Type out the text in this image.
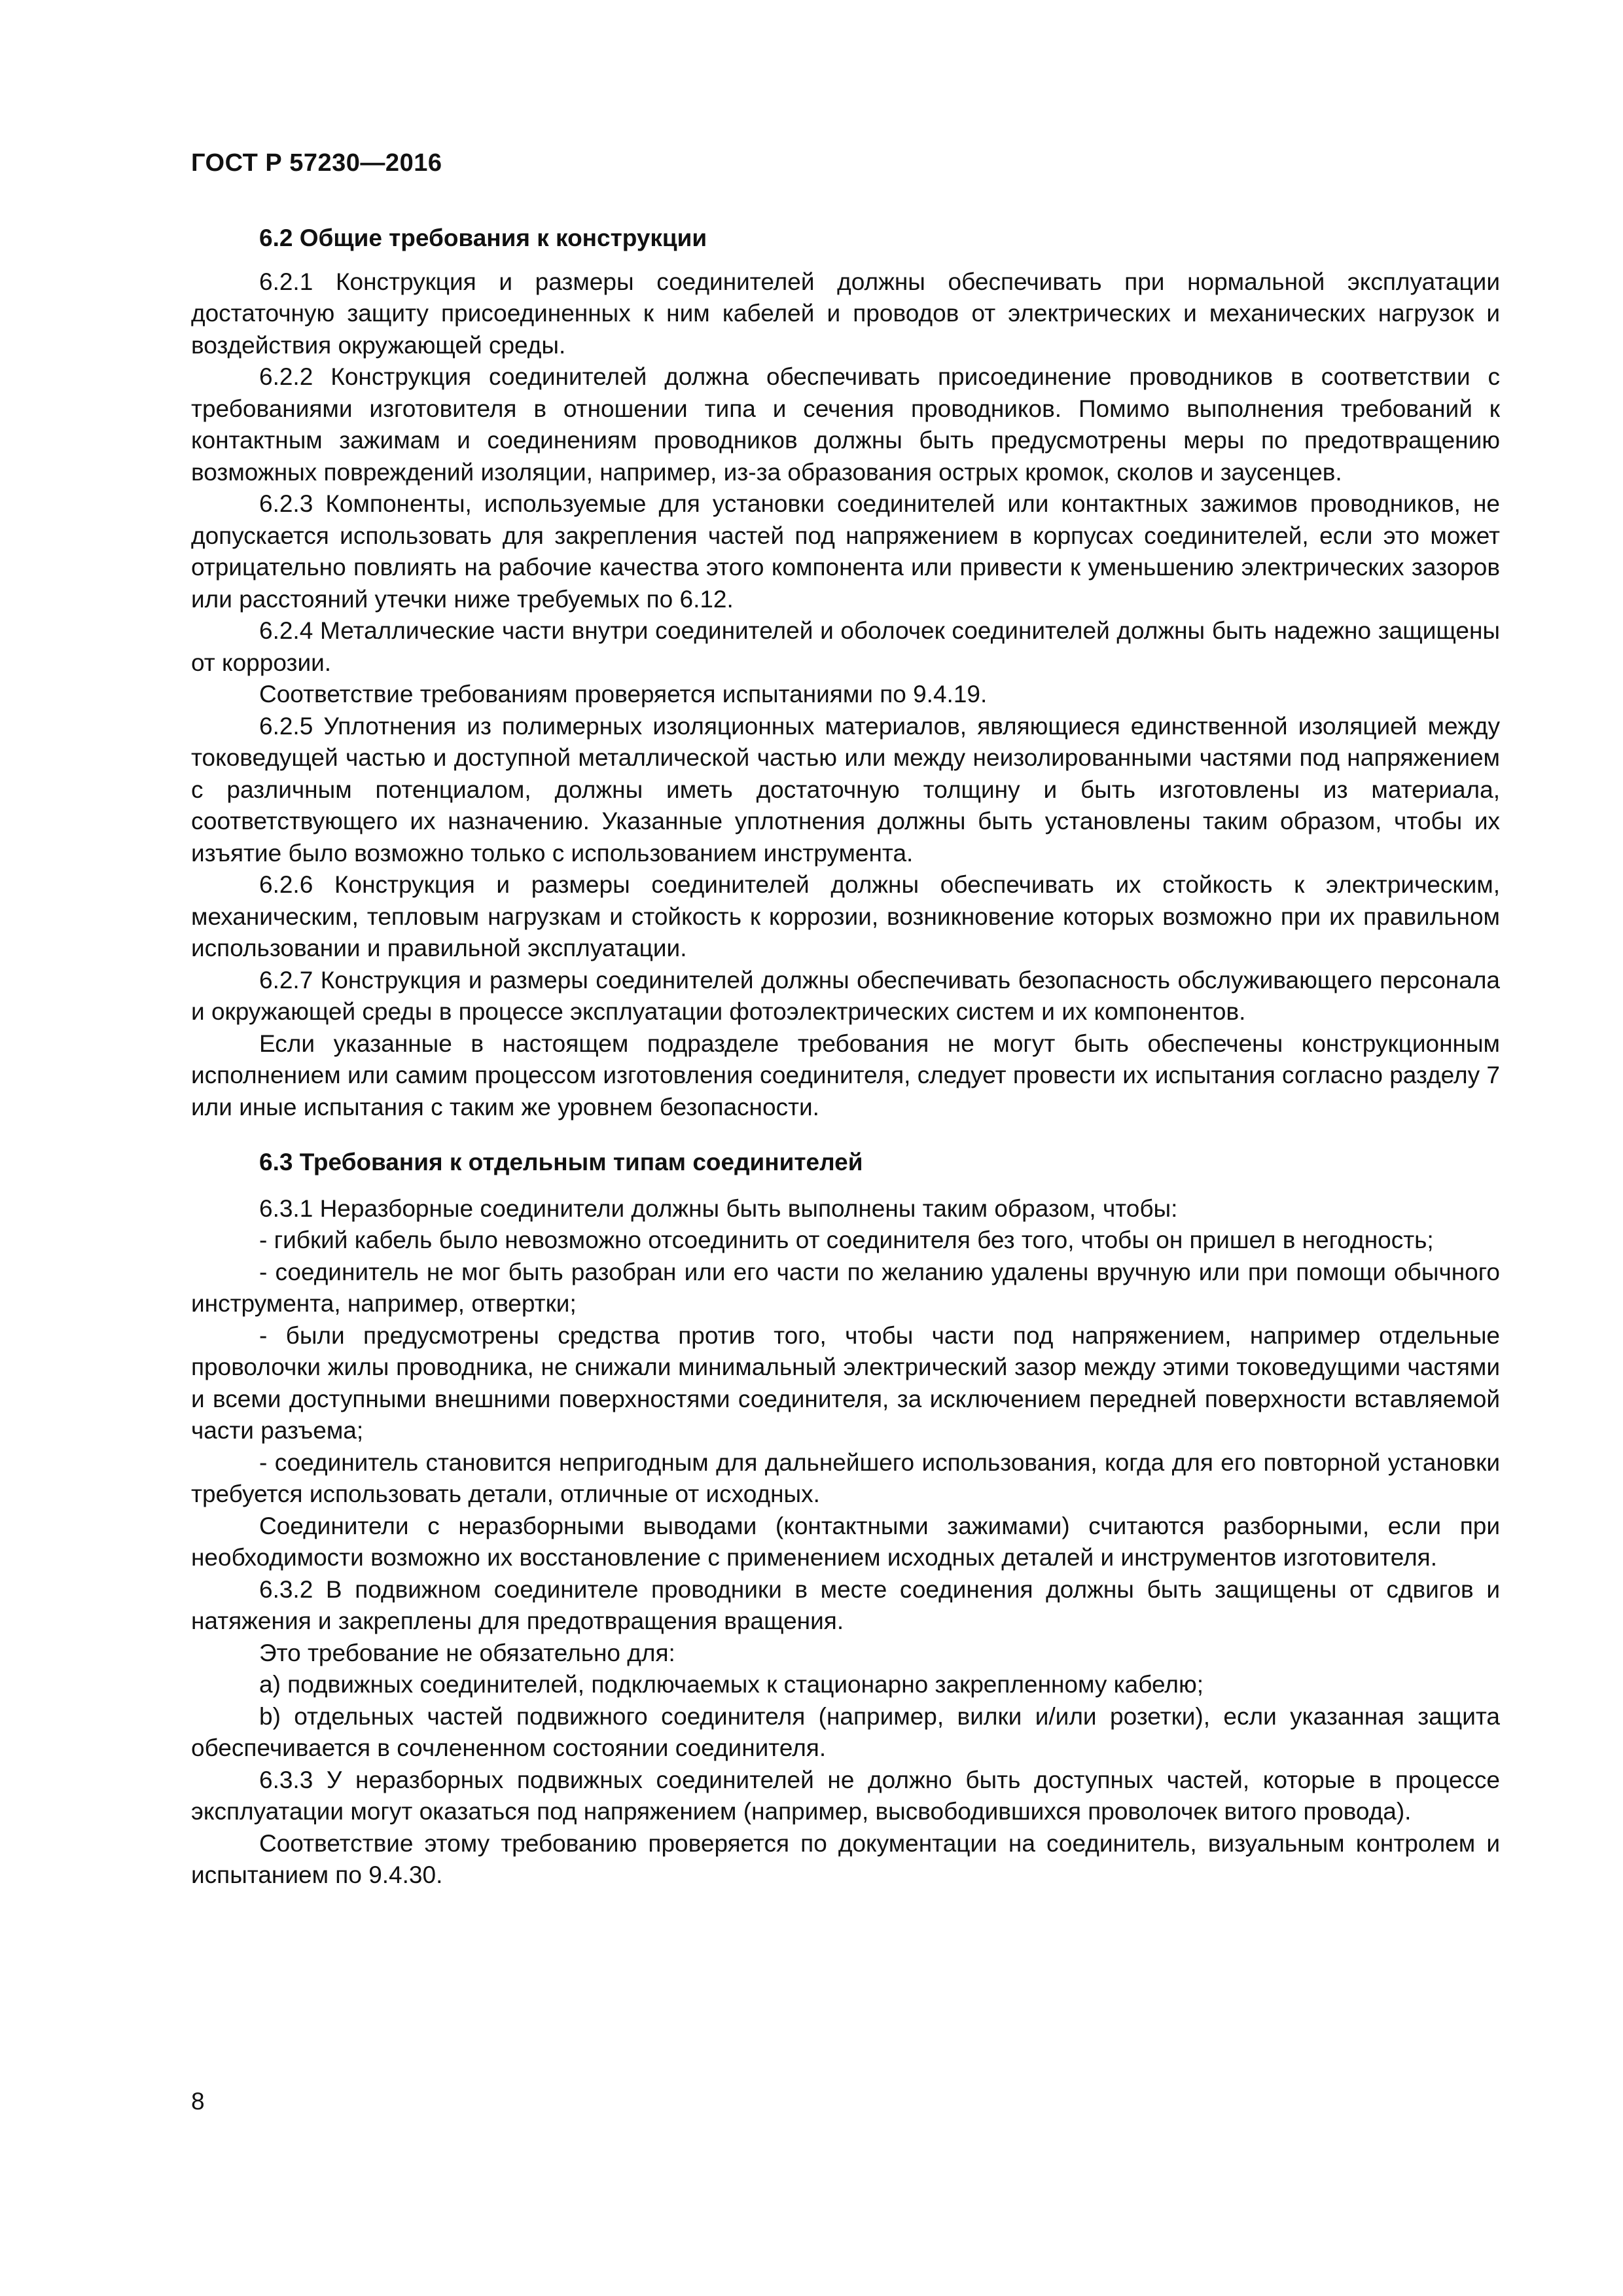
ГОСТ Р 57230—2016
6.2 Общие требования к конструкции

6.2.1 Конструкция и размеры соединителей должны обеспечивать при нормальной эксплуатации достаточную защиту присоединенных к ним кабелей и проводов от электрических и механических нагрузок и воздействия окружающей среды.

6.2.2 Конструкция соединителей должна обеспечивать присоединение проводников в соответствии с требованиями изготовителя в отношении типа и сечения проводников. Помимо выполнения требований к контактным зажимам и соединениям проводников должны быть предусмотрены меры по предотвращению возможных повреждений изоляции, например, из-за образования острых кромок, сколов и заусенцев.

6.2.3 Компоненты, используемые для установки соединителей или контактных зажимов проводников, не допускается использовать для закрепления частей под напряжением в корпусах соединителей, если это может отрицательно повлиять на рабочие качества этого компонента или привести к уменьшению электрических зазоров или расстояний утечки ниже требуемых по 6.12.

6.2.4 Металлические части внутри соединителей и оболочек соединителей должны быть надежно защищены от коррозии.

Соответствие требованиям проверяется испытаниями по 9.4.19.

6.2.5 Уплотнения из полимерных изоляционных материалов, являющиеся единственной изоляцией между токоведущей частью и доступной металлической частью или между неизолированными частями под напряжением с различным потенциалом, должны иметь достаточную толщину и быть изготовлены из материала, соответствующего их назначению. Указанные уплотнения должны быть установлены таким образом, чтобы их изъятие было возможно только с использованием инструмента.

6.2.6 Конструкция и размеры соединителей должны обеспечивать их стойкость к электрическим, механическим, тепловым нагрузкам и стойкость к коррозии, возникновение которых возможно при их правильном использовании и правильной эксплуатации.

6.2.7 Конструкция и размеры соединителей должны обеспечивать безопасность обслуживающего персонала и окружающей среды в процессе эксплуатации фотоэлектрических систем и их компонентов.

Если указанные в настоящем подразделе требования не могут быть обеспечены конструкционным исполнением или самим процессом изготовления соединителя, следует провести их испытания согласно разделу 7 или иные испытания с таким же уровнем безопасности.

6.3 Требования к отдельным типам соединителей

6.3.1 Неразборные соединители должны быть выполнены таким образом, чтобы:

- гибкий кабель было невозможно отсоединить от соединителя без того, чтобы он пришел в негодность;

- соединитель не мог быть разобран или его части по желанию удалены вручную или при помощи обычного инструмента, например, отвертки;

- были предусмотрены средства против того, чтобы части под напряжением, например отдельные проволочки жилы проводника, не снижали минимальный электрический зазор между этими токоведущими частями и всеми доступными внешними поверхностями соединителя, за исключением передней поверхности вставляемой части разъема;

- соединитель становится непригодным для дальнейшего использования, когда для его повторной установки требуется использовать детали, отличные от исходных.

Соединители с неразборными выводами (контактными зажимами) считаются разборными, если при необходимости возможно их восстановление с применением исходных деталей и инструментов изготовителя.

6.3.2 В подвижном соединителе проводники в месте соединения должны быть защищены от сдвигов и натяжения и закреплены для предотвращения вращения.

Это требование не обязательно для:

a) подвижных соединителей, подключаемых к стационарно закрепленному кабелю;

b) отдельных частей подвижного соединителя (например, вилки и/или розетки), если указанная защита обеспечивается в сочлененном состоянии соединителя.

6.3.3 У неразборных подвижных соединителей не должно быть доступных частей, которые в процессе эксплуатации могут оказаться под напряжением (например, высвободившихся проволочек витого провода).

Соответствие этому требованию проверяется по документации на соединитель, визуальным контролем и испытанием по 9.4.30.

8
